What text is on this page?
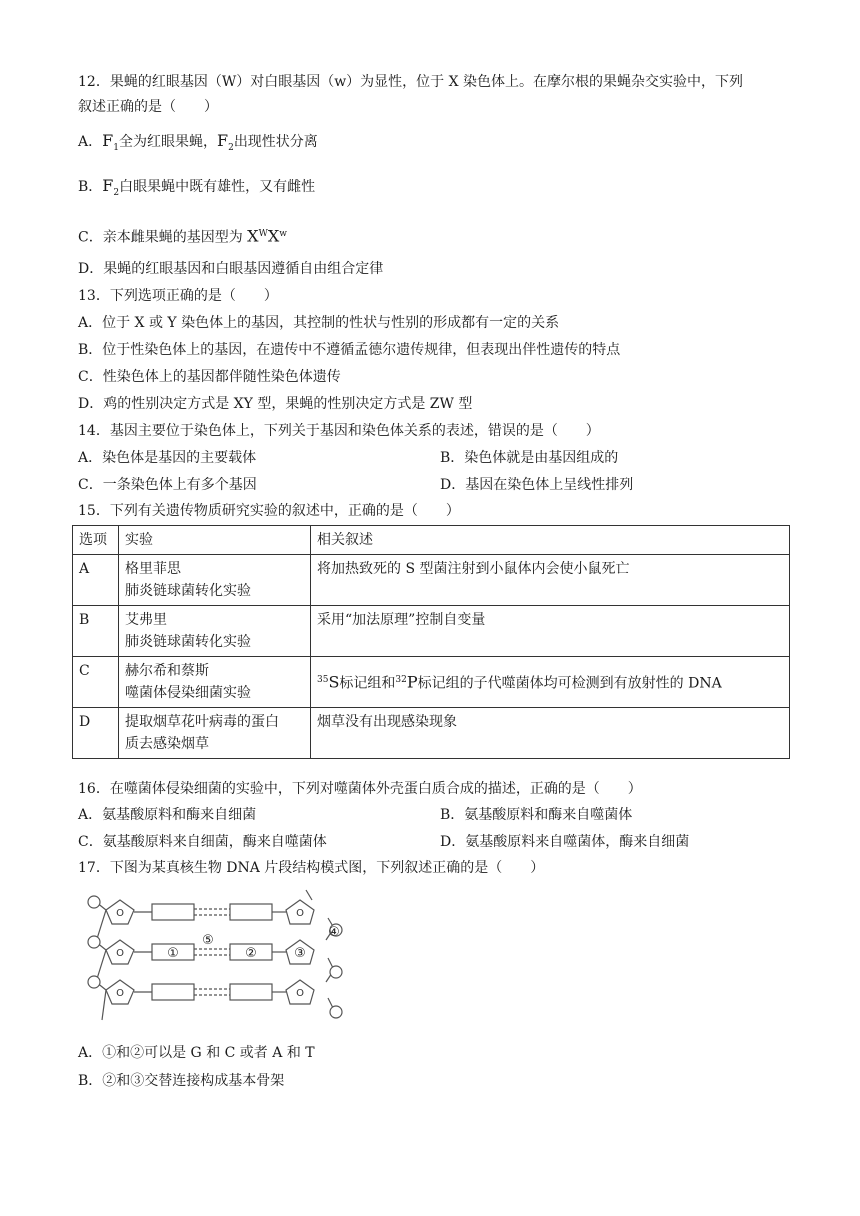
12．果蝇的红眼基因（W）对白眼基因（w）为显性，位于 X 染色体上。在摩尔根的果蝇杂交实验中，下列
叙述正确的是（　　）
A．$F_1$全为红眼果蝇，$F_2$出现性状分离
B．$F_2$白眼果蝇中既有雄性，又有雌性
C．亲本雌果蝇的基因型为 $X^WX^w$
D．果蝇的红眼基因和白眼基因遵循自由组合定律
13．下列选项正确的是（　　）
A．位于 X 或 Y 染色体上的基因，其控制的性状与性别的形成都有一定的关系
B．位于性染色体上的基因，在遗传中不遵循孟德尔遗传规律，但表现出伴性遗传的特点
C．性染色体上的基因都伴随性染色体遗传
D．鸡的性别决定方式是 XY 型，果蝇的性别决定方式是 ZW 型
14．基因主要位于染色体上，下列关于基因和染色体关系的表述，错误的是（　　）
A．染色体是基因的主要载体	B．染色体就是由基因组成的
C．一条染色体上有多个基因	D．基因在染色体上呈线性排列
15．下列有关遗传物质研究实验的叙述中，正确的是（　　）
选项	实验	相关叙述
A	格里菲思
肺炎链球菌转化实验	将加热致死的 S 型菌注射到小鼠体内会使小鼠死亡
B	艾弗里
肺炎链球菌转化实验	采用“加法原理”控制自变量
C	赫尔希和蔡斯
噬菌体侵染细菌实验	$^{35}$S标记组和$^{32}$P标记组的子代噬菌体均可检测到有放射性的 DNA
D	提取烟草花叶病毒的蛋白
质去感染烟草	烟草没有出现感染现象
16．在噬菌体侵染细菌的实验中，下列对噬菌体外壳蛋白质合成的描述，正确的是（　　）
A．氨基酸原料和酶来自细菌	B．氨基酸原料和酶来自噬菌体
C．氨基酸原料来自细菌，酶来自噬菌体	D．氨基酸原料来自噬菌体，酶来自细菌
17．下图为某真核生物 DNA 片段结构模式图，下列叙述正确的是（　　）
O
O
O
O
O
①	②	③
④
⑤
A．①和②可以是 G 和 C 或者 A 和 T
B．②和③交替连接构成基本骨架
